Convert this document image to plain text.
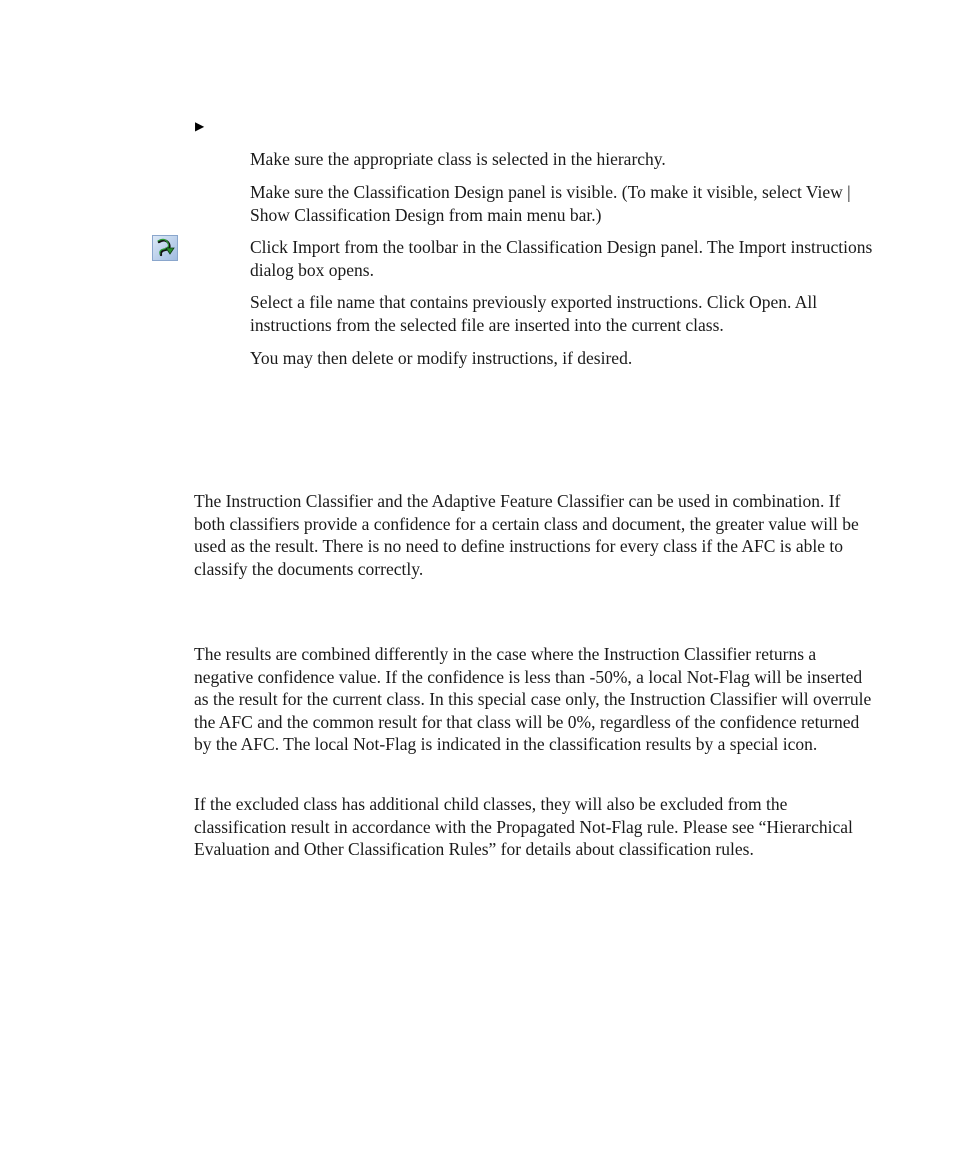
▶

Make sure the appropriate class is selected in the hierarchy.

Make sure the Classification Design panel is visible. (To make it visible, select View | Show Classification Design from main menu bar.)

Click Import from the toolbar in the Classification Design panel. The Import instructions dialog box opens.

Select a file name that contains previously exported instructions. Click Open. All instructions from the selected file are inserted into the current class.

You may then delete or modify instructions, if desired.

The Instruction Classifier and the Adaptive Feature Classifier can be used in combination. If both classifiers provide a confidence for a certain class and document, the greater value will be used as the result. There is no need to define instructions for every class if the AFC is able to classify the documents correctly.

The results are combined differently in the case where the Instruction Classifier returns a negative confidence value. If the confidence is less than -50%, a local Not-Flag will be inserted as the result for the current class. In this special case only, the Instruction Classifier will overrule the AFC and the common result for that class will be 0%, regardless of the confidence returned by the AFC. The local Not-Flag is indicated in the classification results by a special icon.

If the excluded class has additional child classes, they will also be excluded from the classification result in accordance with the Propagated Not-Flag rule. Please see “Hierarchical Evaluation and Other Classification Rules” for details about classification rules.
